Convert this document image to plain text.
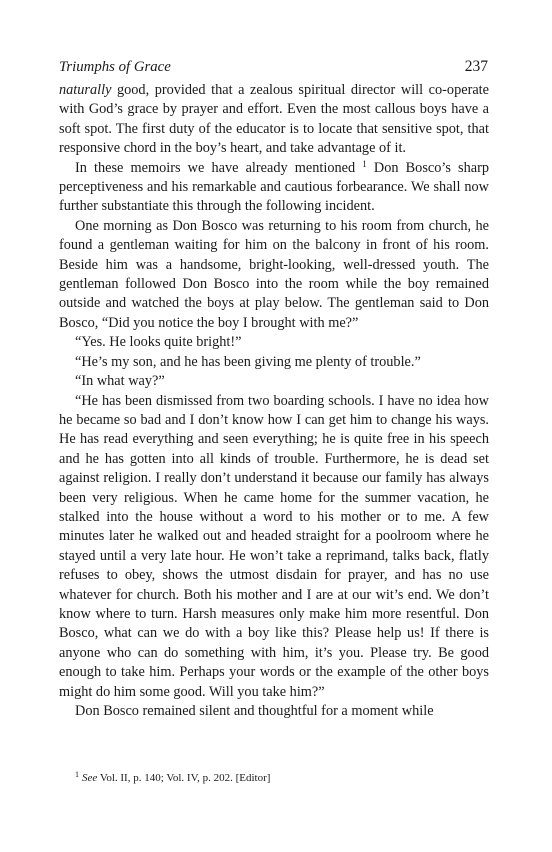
Triumphs of Grace	237

naturally good, provided that a zealous spiritual director will co-operate with God’s grace by prayer and effort. Even the most callous boys have a soft spot. The first duty of the educator is to locate that sensitive spot, that responsive chord in the boy’s heart, and take advantage of it.

In these memoirs we have already mentioned $^1$ Don Bosco’s sharp perceptiveness and his remarkable and cautious forbearance. We shall now further substantiate this through the following incident.

One morning as Don Bosco was returning to his room from church, he found a gentleman waiting for him on the balcony in front of his room. Beside him was a handsome, bright-looking, well-dressed youth. The gentleman followed Don Bosco into the room while the boy remained outside and watched the boys at play below. The gentleman said to Don Bosco, “Did you notice the boy I brought with me?”

“Yes. He looks quite bright!”

“He’s my son, and he has been giving me plenty of trouble.”

“In what way?”

“He has been dismissed from two boarding schools. I have no idea how he became so bad and I don’t know how I can get him to change his ways. He has read everything and seen everything; he is quite free in his speech and he has gotten into all kinds of trouble. Furthermore, he is dead set against religion. I really don’t understand it because our family has always been very religious. When he came home for the summer vacation, he stalked into the house without a word to his mother or to me. A few minutes later he walked out and headed straight for a poolroom where he stayed until a very late hour. He won’t take a reprimand, talks back, flatly refuses to obey, shows the utmost disdain for prayer, and has no use whatever for church. Both his mother and I are at our wit’s end. We don’t know where to turn. Harsh measures only make him more resentful. Don Bosco, what can we do with a boy like this? Please help us! If there is anyone who can do something with him, it’s you. Please try. Be good enough to take him. Perhaps your words or the example of the other boys might do him some good. Will you take him?”

Don Bosco remained silent and thoughtful for a moment while

$^1$ See Vol. II, p. 140; Vol. IV, p. 202. [Editor]
